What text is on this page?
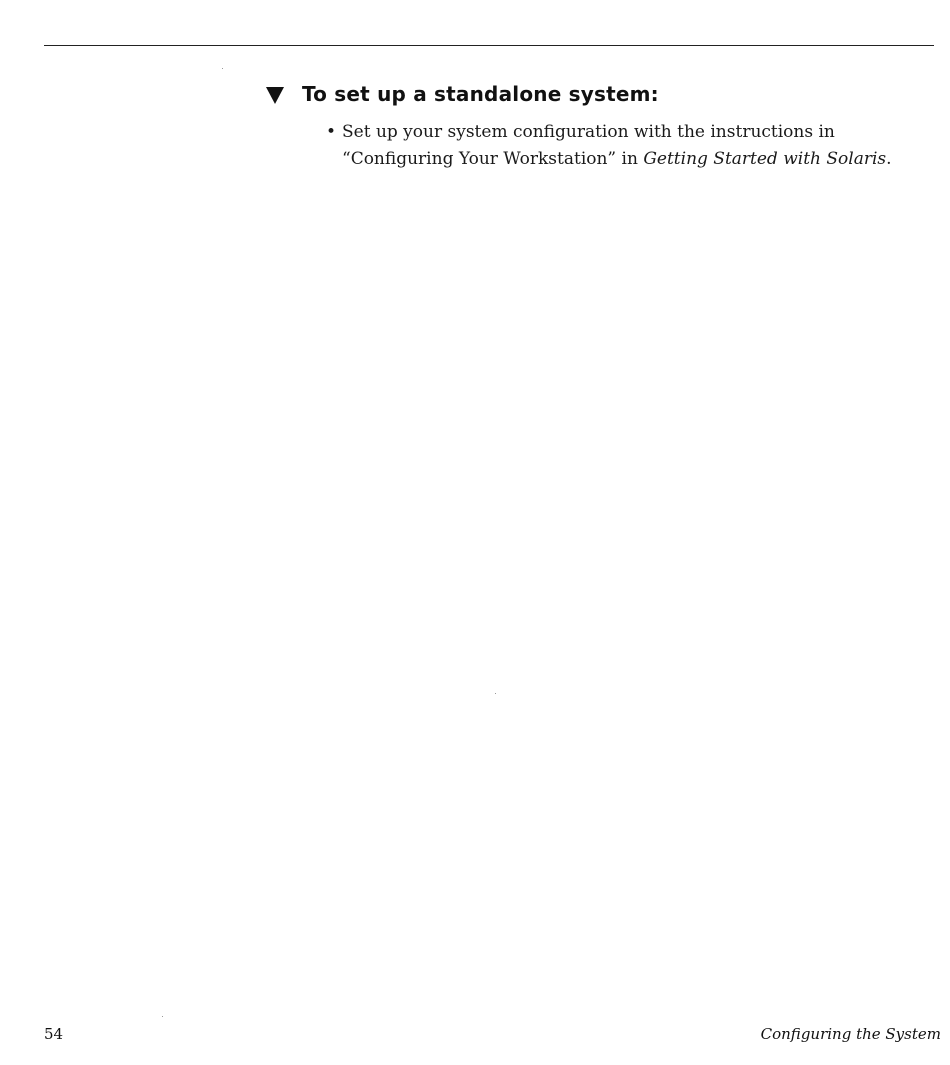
To set up a standalone system:
• Set up your system configuration with the instructions in “Configuring Your Workstation” in Getting Started with Solaris.
54	Configuring the System
